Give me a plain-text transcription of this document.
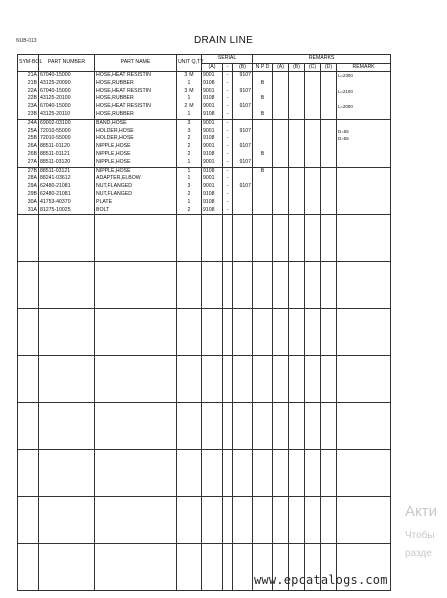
NUB-013	DRAIN LINE
SYM-BOL	PART NUMBER	PART NAME	UNIT Q,TY	SERIAL			REMARKS					
				(A)	-	(B)	N P D	(A)	(B)	(C)	(D)	REMARK
21A	67040-15000	HOSE,HEAT RESISTIN	3 M	9001	-	9107						L=2300
21B	43125-20090	HOSE,RUBBER	1	9108	-		B					
22A	67040-15000	HOSE,HEAT RESISTIN	3 M	9001	-	9107						L=2100
22B	43125-20100	HOSE,RUBBER	1	9108	-		B					
23A	67040-15000	HOSE,HEAT RESISTIN	2 M	9001	-	9107						L=2000
23B	43125-20110	HOSE,RUBBER	1	9108	-		B					
24A	69002-03100	BAND,HOSE	3	9001	-							
25A	72010-55000	HOLDER,HOSE	3	9001	-	9107						D=55
25B	72010-55000	HOLDER,HOSE	2	9108	-							D=55
26A	88511-01120	NIPPLE,HOSE	2	9001	-	9107						
26B	88511-01121	NIPPLE,HOSE	2	9108	-		B					
27A	88511-03120	NIPPLE,HOSE	1	9001	-	9107						
27B	88511-03121	NIPPLE,HOSE	1	9108	-		B					
28A	88241-03612	ADAPTER,ELBOW	1	9001	-							
29A	62480-21081	NUT,FLANGED	3	9001	-	9107						
29B	62480-21081	NUT,FLANGED	2	9108	-							
30A	41753-40370	PLATE	1	9108	-							
31A	81275-10025	BOLT	2	9108	-							

Акти
Чтобы
разде
www.epcatalogs.com
